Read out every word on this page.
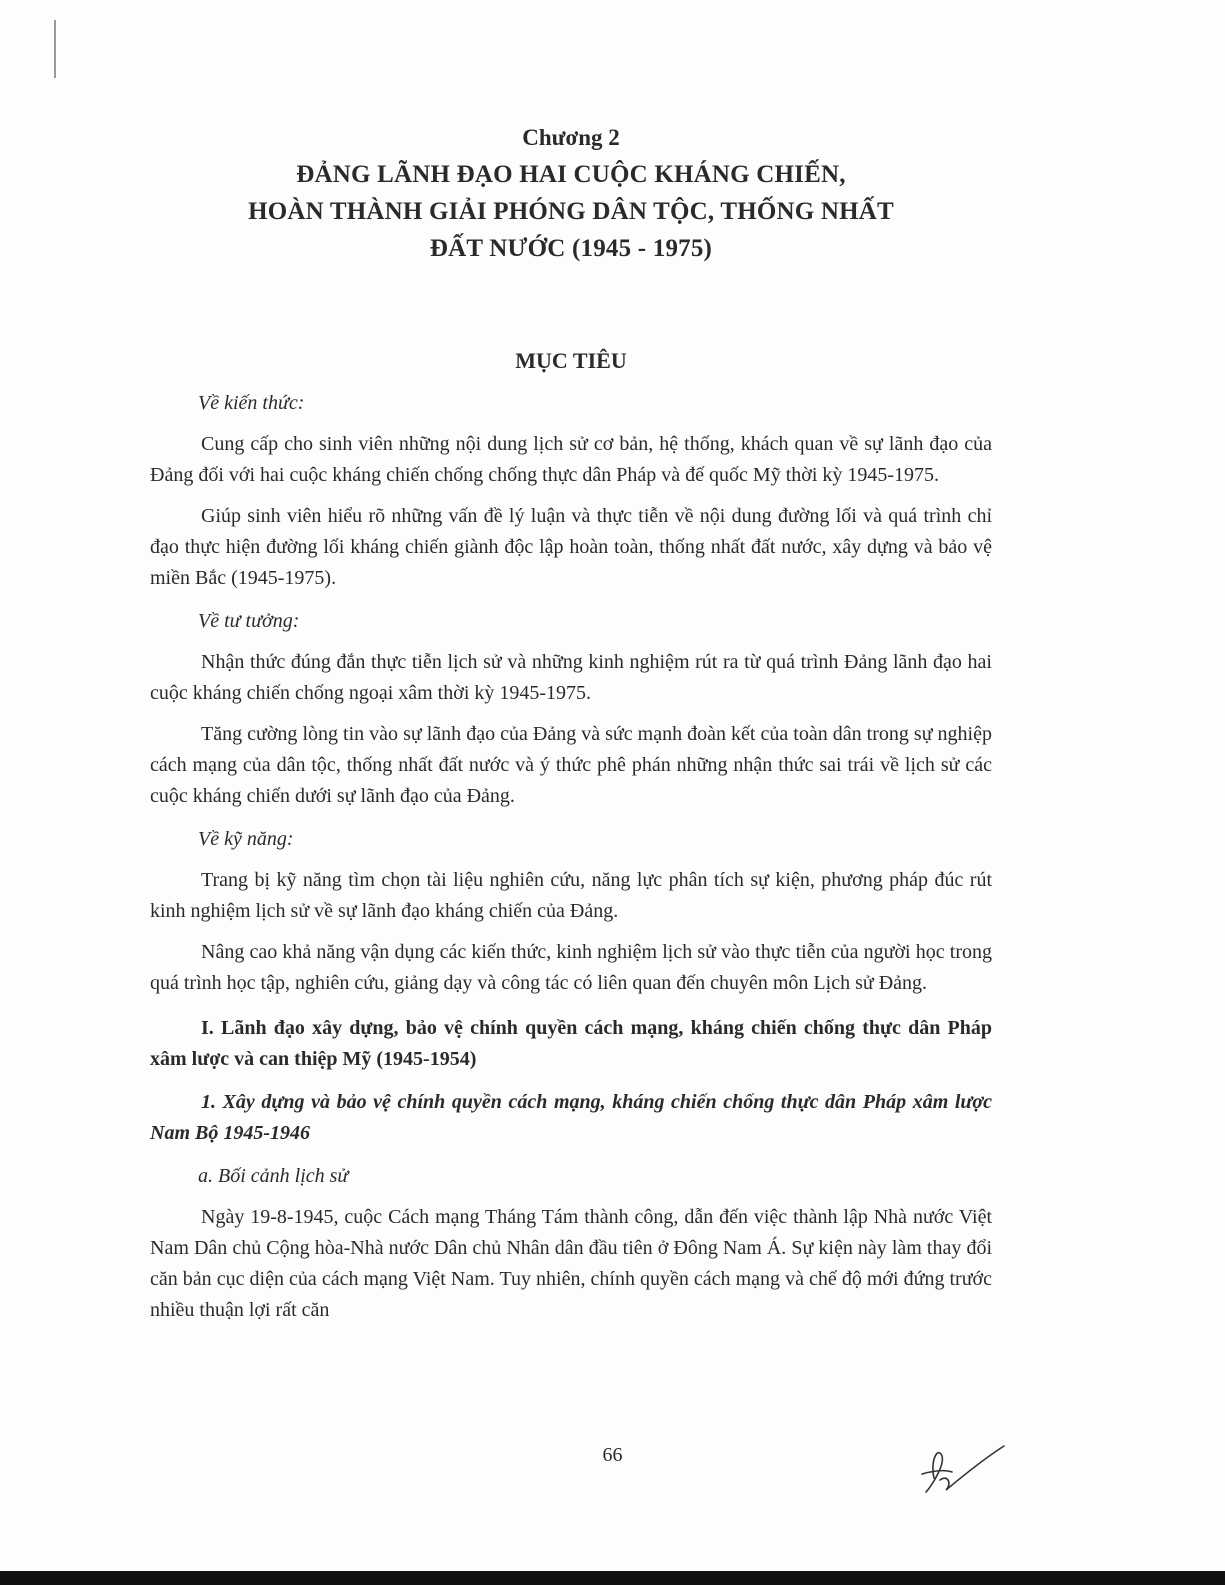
Chương 2
ĐẢNG LÃNH ĐẠO HAI CUỘC KHÁNG CHIẾN,
HOÀN THÀNH GIẢI PHÓNG DÂN TỘC, THỐNG NHẤT
ĐẤT NƯỚC (1945 - 1975)
MỤC TIÊU

Về kiến thức:

Cung cấp cho sinh viên những nội dung lịch sử cơ bản, hệ thống, khách quan về sự lãnh đạo của Đảng đối với hai cuộc kháng chiến chống chống thực dân Pháp và đế quốc Mỹ thời kỳ 1945-1975.

Giúp sinh viên hiểu rõ những vấn đề lý luận và thực tiễn về nội dung đường lối và quá trình chỉ đạo thực hiện đường lối kháng chiến giành độc lập hoàn toàn, thống nhất đất nước, xây dựng và bảo vệ miền Bắc (1945-1975).

Về tư tưởng:

Nhận thức đúng đắn thực tiễn lịch sử và những kinh nghiệm rút ra từ quá trình Đảng lãnh đạo hai cuộc kháng chiến chống ngoại xâm thời kỳ 1945-1975.

Tăng cường lòng tin vào sự lãnh đạo của Đảng và sức mạnh đoàn kết của toàn dân trong sự nghiệp cách mạng của dân tộc, thống nhất đất nước và ý thức phê phán những nhận thức sai trái về lịch sử các cuộc kháng chiến dưới sự lãnh đạo của Đảng.

Về kỹ năng:

Trang bị kỹ năng tìm chọn tài liệu nghiên cứu, năng lực phân tích sự kiện, phương pháp đúc rút kinh nghiệm lịch sử về sự lãnh đạo kháng chiến của Đảng.

Nâng cao khả năng vận dụng các kiến thức, kinh nghiệm lịch sử vào thực tiễn của người học trong quá trình học tập, nghiên cứu, giảng dạy và công tác có liên quan đến chuyên môn Lịch sử Đảng.

I. Lãnh đạo xây dựng, bảo vệ chính quyền cách mạng, kháng chiến chống thực dân Pháp xâm lược và can thiệp Mỹ (1945-1954)

1. Xây dựng và bảo vệ chính quyền cách mạng, kháng chiến chống thực dân Pháp xâm lược Nam Bộ 1945-1946

a. Bối cảnh lịch sử

Ngày 19-8-1945, cuộc Cách mạng Tháng Tám thành công, dẫn đến việc thành lập Nhà nước Việt Nam Dân chủ Cộng hòa-Nhà nước Dân chủ Nhân dân đầu tiên ở Đông Nam Á. Sự kiện này làm thay đổi căn bản cục diện của cách mạng Việt Nam. Tuy nhiên, chính quyền cách mạng và chế độ mới đứng trước nhiều thuận lợi rất căn

66
